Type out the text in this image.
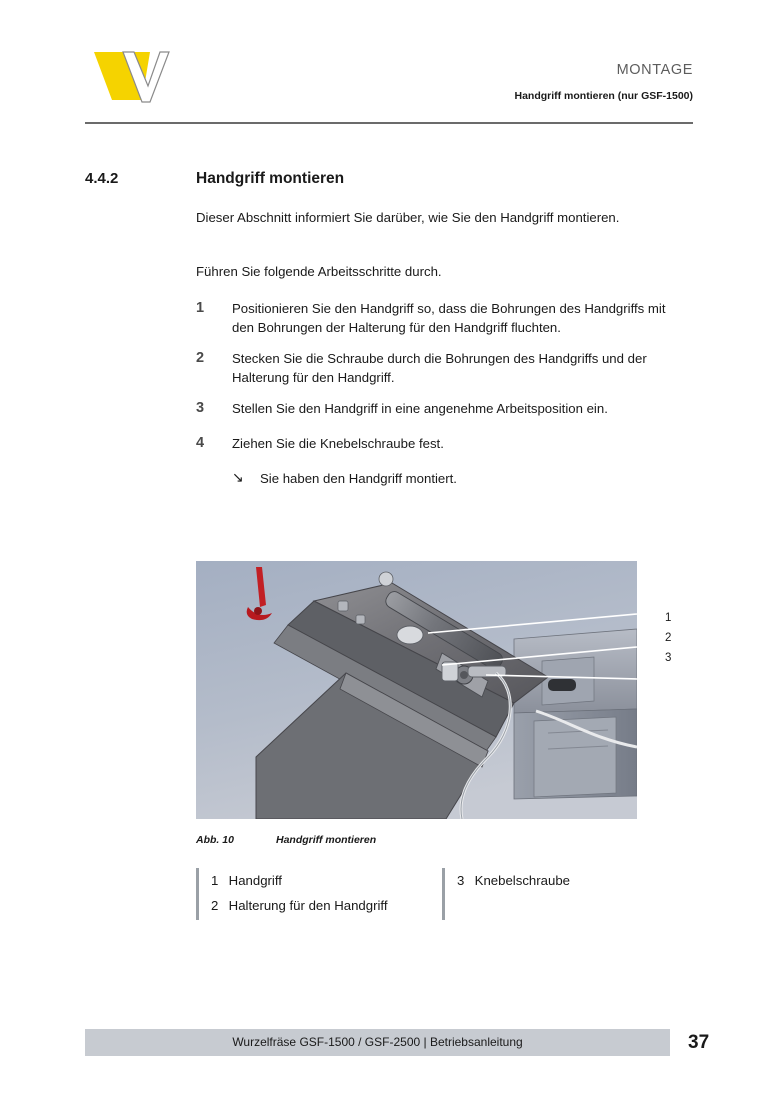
MONTAGE
Handgriff montieren (nur GSF-1500)
4.4.2	Handgriff montieren
Dieser Abschnitt informiert Sie darüber, wie Sie den Handgriff montieren.
Führen Sie folgende Arbeitsschritte durch.
1	Positionieren Sie den Handgriff so, dass die Bohrungen des Handgriffs mit den Bohrungen der Halterung für den Handgriff fluchten.
2	Stecken Sie die Schraube durch die Bohrungen des Handgriffs und der Halterung für den Handgriff.
3	Stellen Sie den Handgriff in eine angenehme Arbeitsposition ein.
4	Ziehen Sie die Knebelschraube fest.
↘ Sie haben den Handgriff montiert.
1
2
3
Abb. 10	Handgriff montieren
1 Handgriff
2 Halterung für den Handgriff
3 Knebelschraube
Wurzelfräse GSF-1500 / GSF-2500 | Betriebsanleitung	37
